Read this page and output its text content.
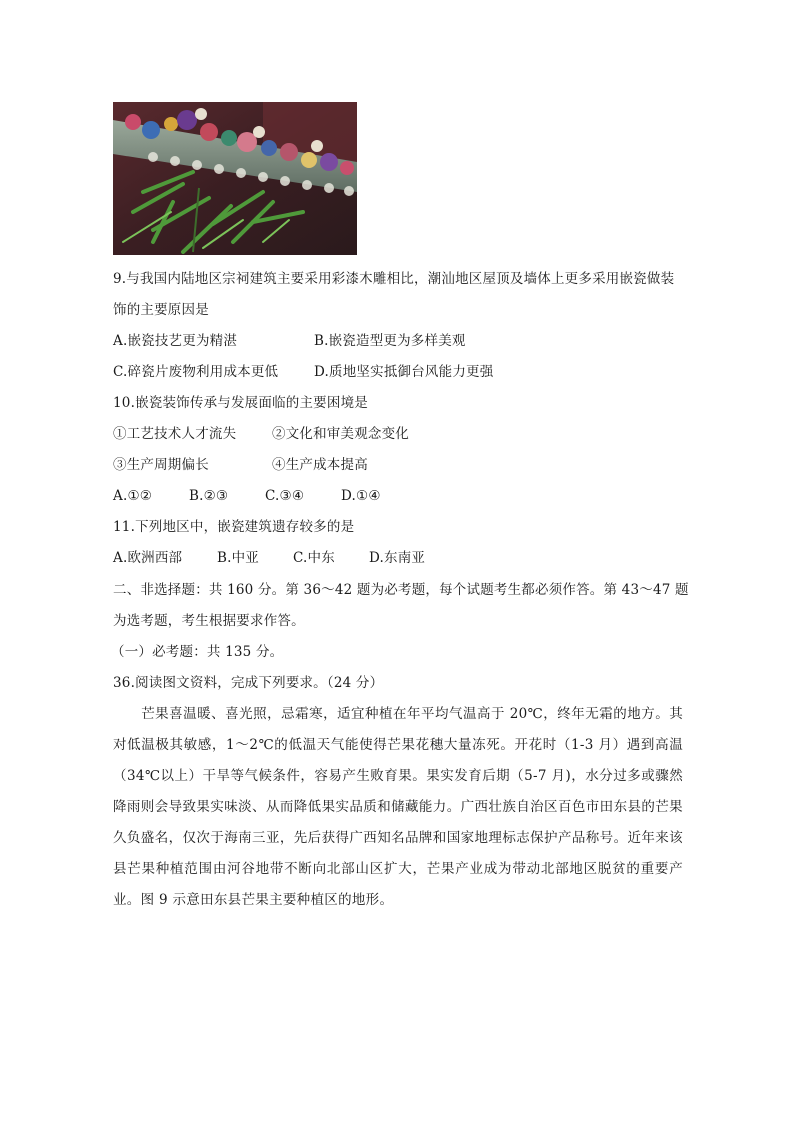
9.与我国内陆地区宗祠建筑主要采用彩漆木雕相比，潮汕地区屋顶及墙体上更多采用嵌瓷做装
饰的主要原因是
A.嵌瓷技艺更为精湛	B.嵌瓷造型更为多样美观
C.碎瓷片废物利用成本更低	D.质地坚实抵御台风能力更强
10.嵌瓷装饰传承与发展面临的主要困境是
①工艺技术人才流失	②文化和审美观念变化
③生产周期偏长	④生产成本提高
A.①②	B.②③	C.③④	D.①④
11.下列地区中，嵌瓷建筑遗存较多的是
A.欧洲西部	B.中亚	C.中东	D.东南亚
二、非选择题：共 160 分。第 36～42 题为必考题，每个试题考生都必须作答。第 43～47 题
为选考题，考生根据要求作答。
（一）必考题：共 135 分。
36.阅读图文资料，完成下列要求。（24 分）
芒果喜温暖、喜光照，忌霜寒，适宜种植在年平均气温高于 20℃，终年无霜的地方。其对低温极其敏感，1～2℃的低温天气能使得芒果花穗大量冻死。开花时（1-3 月）遇到高温（34℃以上）干旱等气候条件，容易产生败育果。果实发育后期（5-7 月)，水分过多或骤然降雨则会导致果实味淡、从而降低果实品质和储藏能力。广西壮族自治区百色市田东县的芒果久负盛名，仅次于海南三亚，先后获得广西知名品牌和国家地理标志保护产品称号。近年来该县芒果种植范围由河谷地带不断向北部山区扩大，芒果产业成为带动北部地区脱贫的重要产业。图 9 示意田东县芒果主要种植区的地形。
